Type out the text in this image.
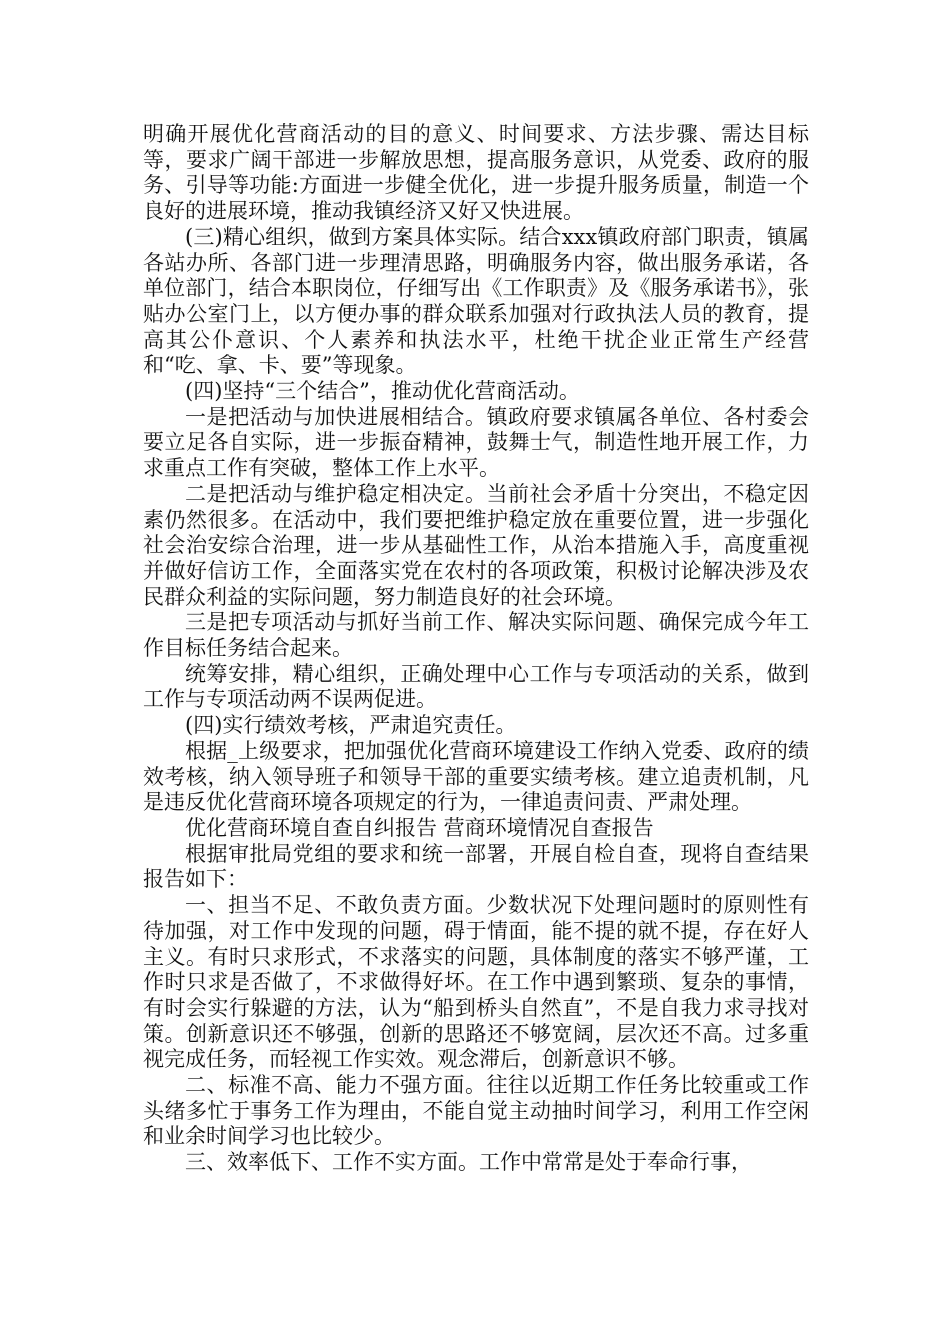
明确开展优化营商活动的目的意义、时间要求、方法步骤、需达目标等，要求广阔干部进一步解放思想，提高服务意识，从党委、政府的服务、引导等功能:方面进一步健全优化，进一步提升服务质量，制造一个良好的进展环境，推动我镇经济又好又快进展。

(三)精心组织，做到方案具体实际。结合xxx镇政府部门职责，镇属各站办所、各部门进一步理清思路，明确服务内容，做出服务承诺，各单位部门，结合本职岗位，仔细写出《工作职责》及《服务承诺书》，张贴办公室门上，以方便办事的群众联系加强对行政执法人员的教育，提高其公仆意识、个人素养和执法水平，杜绝干扰企业正常生产经营和“吃、拿、卡、要”等现象。

(四)坚持“三个结合”，推动优化营商活动。

一是把活动与加快进展相结合。镇政府要求镇属各单位、各村委会要立足各自实际，进一步振奋精神，鼓舞士气，制造性地开展工作，力求重点工作有突破，整体工作上水平。

二是把活动与维护稳定相决定。当前社会矛盾十分突出，不稳定因素仍然很多。在活动中，我们要把维护稳定放在重要位置，进一步强化社会治安综合治理，进一步从基础性工作，从治本措施入手，高度重视并做好信访工作，全面落实党在农村的各项政策，积极讨论解决涉及农民群众利益的实际问题，努力制造良好的社会环境。

三是把专项活动与抓好当前工作、解决实际问题、确保完成今年工作目标任务结合起来。

统筹安排，精心组织，正确处理中心工作与专项活动的关系，做到工作与专项活动两不误两促进。

(四)实行绩效考核，严肃追究责任。

根据_上级要求，把加强优化营商环境建设工作纳入党委、政府的绩效考核，纳入领导班子和领导干部的重要实绩考核。建立追责机制，凡是违反优化营商环境各项规定的行为，一律追责问责、严肃处理。

优化营商环境自查自纠报告 营商环境情况自查报告

根据审批局党组的要求和统一部署，开展自检自查，现将自查结果报告如下：

一、担当不足、不敢负责方面。少数状况下处理问题时的原则性有待加强，对工作中发现的问题，碍于情面，能不提的就不提，存在好人主义。有时只求形式，不求落实的问题，具体制度的落实不够严谨，工作时只求是否做了，不求做得好坏。在工作中遇到繁琐、复杂的事情，有时会实行躲避的方法，认为“船到桥头自然直”，不是自我力求寻找对策。创新意识还不够强，创新的思路还不够宽阔，层次还不高。过多重视完成任务，而轻视工作实效。观念滞后，创新意识不够。

二、标准不高、能力不强方面。往往以近期工作任务比较重或工作头绪多忙于事务工作为理由，不能自觉主动抽时间学习，利用工作空闲和业余时间学习也比较少。

三、效率低下、工作不实方面。工作中常常是处于奉命行事，
